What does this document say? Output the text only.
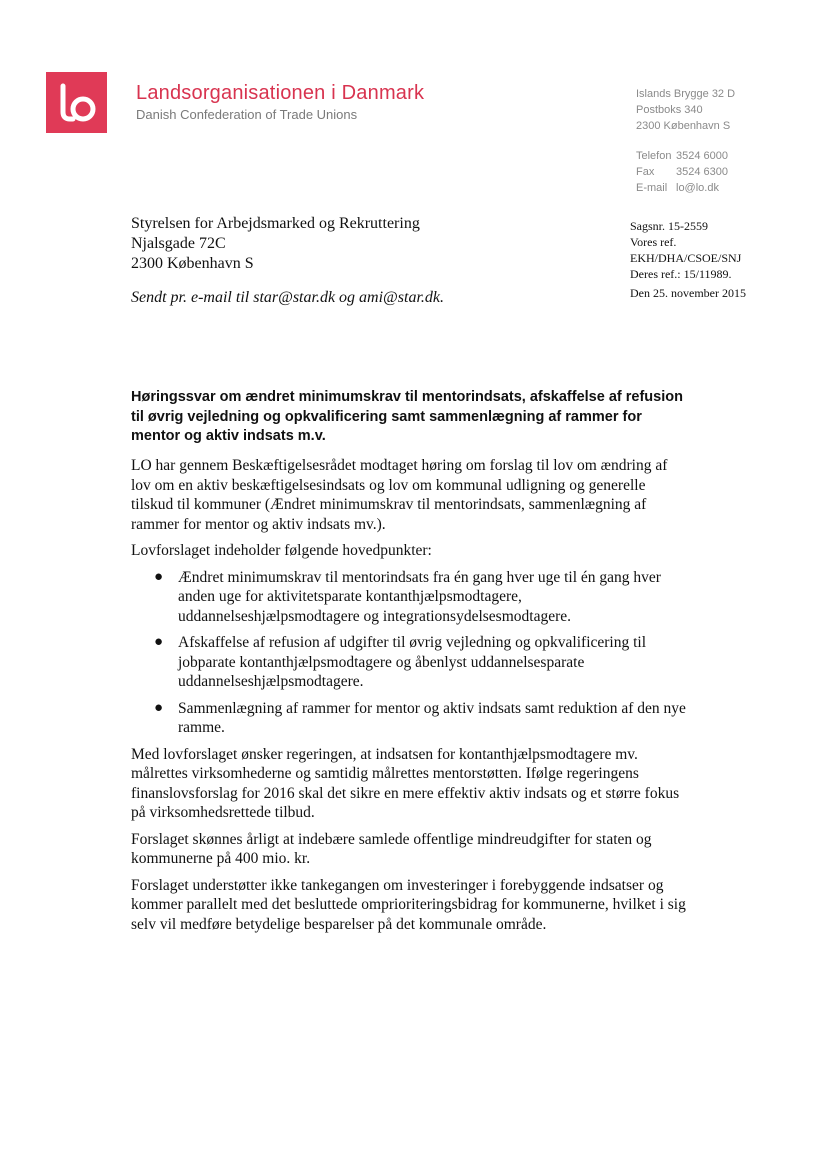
Landsorganisationen i Danmark
Danish Confederation of Trade Unions
Islands Brygge 32 D
Postboks 340
2300 København S
Telefon 3524 6000
Fax 3524 6300
E-mail lo@lo.dk
Styrelsen for Arbejdsmarked og Rekruttering
Njalsgade 72C
2300 København S
Sendt pr. e-mail til star@star.dk og ami@star.dk.
Sagsnr. 15-2559
Vores ref.
EKH/DHA/CSOE/SNJ
Deres ref.: 15/11989.
Den 25. november 2015
Høringssvar om ændret minimumskrav til mentorindsats, afskaffelse af refusion til øvrig vejledning og opkvalificering samt sammenlægning af rammer for mentor og aktiv indsats m.v.

LO har gennem Beskæftigelsesrådet modtaget høring om forslag til lov om ændring af lov om en aktiv beskæftigelsesindsats og lov om kommunal udligning og generelle tilskud til kommuner (Ændret minimumskrav til mentorindsats, sammenlægning af rammer for mentor og aktiv indsats mv.).

Lovforslaget indeholder følgende hovedpunkter:

● Ændret minimumskrav til mentorindsats fra én gang hver uge til én gang hver anden uge for aktivitetsparate kontanthjælpsmodtagere, uddannelseshjælpsmodtagere og integrationsydelsesmodtagere.
● Afskaffelse af refusion af udgifter til øvrig vejledning og opkvalificering til jobparate kontanthjælpsmodtagere og åbenlyst uddannelsesparate uddannelseshjælpsmodtagere.
● Sammenlægning af rammer for mentor og aktiv indsats samt reduktion af den nye ramme.

Med lovforslaget ønsker regeringen, at indsatsen for kontanthjælpsmodtagere mv. målrettes virksomhederne og samtidig målrettes mentorstøtten. Ifølge regeringens finanslovsforslag for 2016 skal det sikre en mere effektiv aktiv indsats og et større fokus på virksomhedsrettede tilbud.

Forslaget skønnes årligt at indebære samlede offentlige mindreudgifter for staten og kommunerne på 400 mio. kr.

Forslaget understøtter ikke tankegangen om investeringer i forebyggende indsatser og kommer parallelt med det besluttede omprioriteringsbidrag for kommunerne, hvilket i sig selv vil medføre betydelige besparelser på det kommunale område.
